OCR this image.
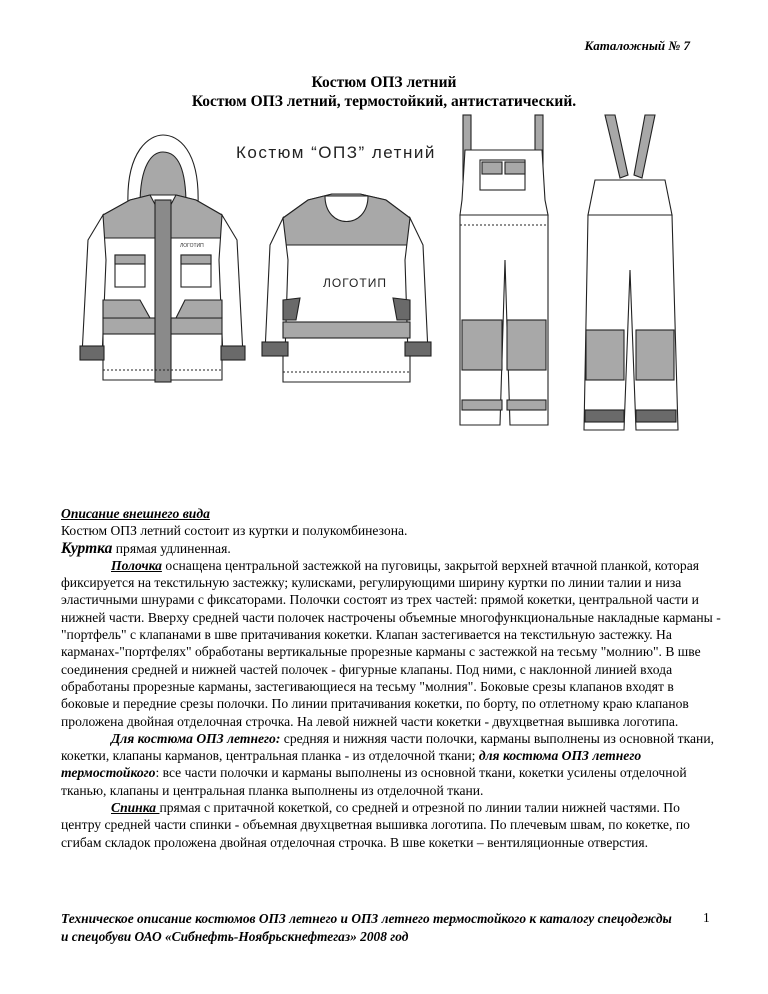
Каталожный № 7
Костюм ОПЗ летний
Костюм ОПЗ летний, термостойкий, антистатический.
Костюм “ОПЗ” летний
ЛОГОТИП
ЛОГОТИП

Описание внешнего вида

Костюм ОПЗ летний состоит из куртки и полукомбинезона.

Куртка прямая удлиненная.

Полочка оснащена центральной застежкой на пуговицы, закрытой верхней втачной планкой, которая фиксируется на текстильную застежку; кулисками, регулирующими ширину куртки по линии талии и низа эластичными шнурами с фиксаторами. Полочки состоят из трех частей: прямой кокетки, центральной части и нижней части. Вверху средней части полочек настрочены объемные многофункциональные накладные карманы -"портфель" с клапанами в шве притачивания кокетки. Клапан застегивается на текстильную застежку. На карманах-"портфелях" обработаны вертикальные прорезные карманы с застежкой на тесьму "молнию". В шве соединения средней и нижней частей полочек - фигурные клапаны. Под ними, с наклонной линией входа обработаны прорезные карманы, застегивающиеся на тесьму "молния". Боковые срезы клапанов входят в боковые и передние срезы полочки. По линии притачивания кокетки, по борту, по отлетному краю клапанов проложена двойная отделочная строчка. На левой нижней части кокетки - двухцветная вышивка логотипа.

Для костюма ОПЗ летнего: средняя и нижняя части полочки, карманы выполнены из основной ткани, кокетки, клапаны карманов, центральная планка - из отделочной ткани; для костюма ОПЗ летнего термостойкого: все части полочки и карманы выполнены из основной ткани, кокетки усилены отделочной тканью, клапаны и центральная планка выполнены из отделочной ткани.

Спинка прямая с притачной кокеткой, со средней и отрезной по линии талии нижней частями. По центру средней части спинки - объемная двухцветная вышивка логотипа. По плечевым швам, по кокетке, по сгибам складок проложена двойная отделочная строчка. В шве кокетки – вентиляционные отверстия.

Техническое описание костюмов ОПЗ летнего и ОПЗ летнего термостойкого к каталогу спецодежды и спецобуви ОАО «Сибнефть-Ноябрьскнефтегаз» 2008 год
1
